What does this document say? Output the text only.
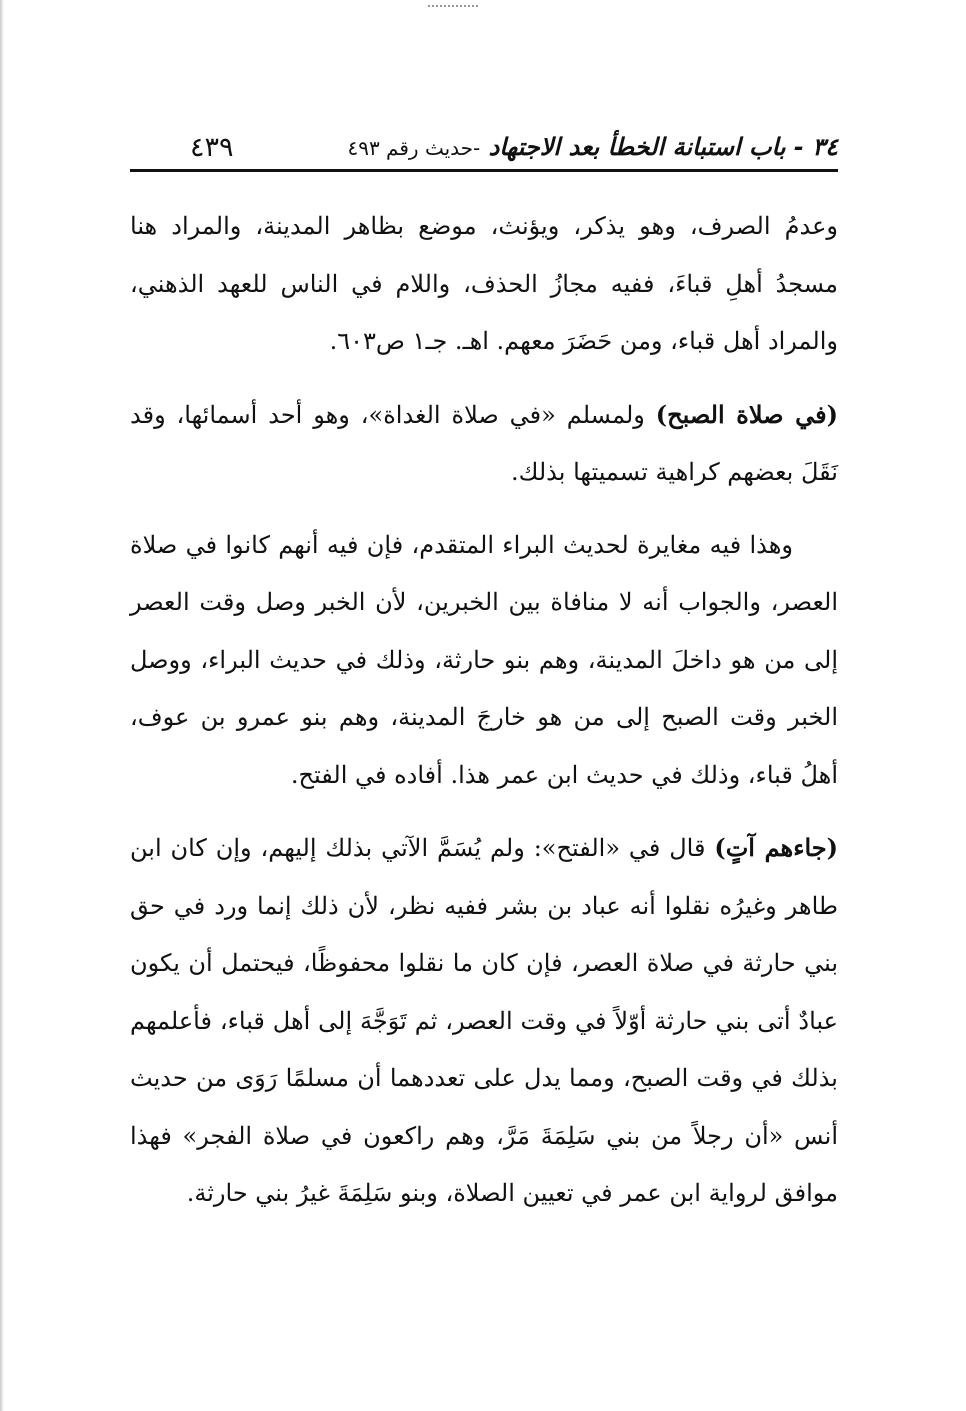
٤٣٩	٣٤ - باب استبانة الخطأ بعد الاجتهاد -حديث رقم ٤٩٣

وعدمُ الصرف، وهو يذكر، ويؤنث، موضع بظاهر المدينة، والمراد هنا مسجدُ أهلِ قباءَ، ففيه مجازُ الحذف، واللام في الناس للعهد الذهني، والمراد أهل قباء، ومن حَضَرَ معهم. اهـ. جـ١ ص٦٠٣.

(في صلاة الصبح) ولمسلم «في صلاة الغداة»، وهو أحد أسمائها، وقد نَقَلَ بعضهم كراهية تسميتها بذلك.

وهذا فيه مغايرة لحديث البراء المتقدم، فإن فيه أنهم كانوا في صلاة العصر، والجواب أنه لا منافاة بين الخبرين، لأن الخبر وصل وقت العصر إلى من هو داخلَ المدينة، وهم بنو حارثة، وذلك في حديث البراء، ووصل الخبر وقت الصبح إلى من هو خارجَ المدينة، وهم بنو عمرو بن عوف، أهلُ قباء، وذلك في حديث ابن عمر هذا. أفاده في الفتح.

(جاءهم آتٍ) قال في «الفتح»: ولم يُسَمَّ الآتي بذلك إليهم، وإن كان ابن طاهر وغيرُه نقلوا أنه عباد بن بشر ففيه نظر، لأن ذلك إنما ورد في حق بني حارثة في صلاة العصر، فإن كان ما نقلوا محفوظًا، فيحتمل أن يكون عبادٌ أتى بني حارثة أوّلاً في وقت العصر، ثم تَوَجَّهَ إلى أهل قباء، فأعلمهم بذلك في وقت الصبح، ومما يدل على تعددهما أن مسلمًا رَوَى من حديث أنس «أن رجلاً من بني سَلِمَةَ مَرَّ، وهم راكعون في صلاة الفجر» فهذا موافق لرواية ابن عمر في تعيين الصلاة، وبنو سَلِمَةَ غيرُ بني حارثة.
